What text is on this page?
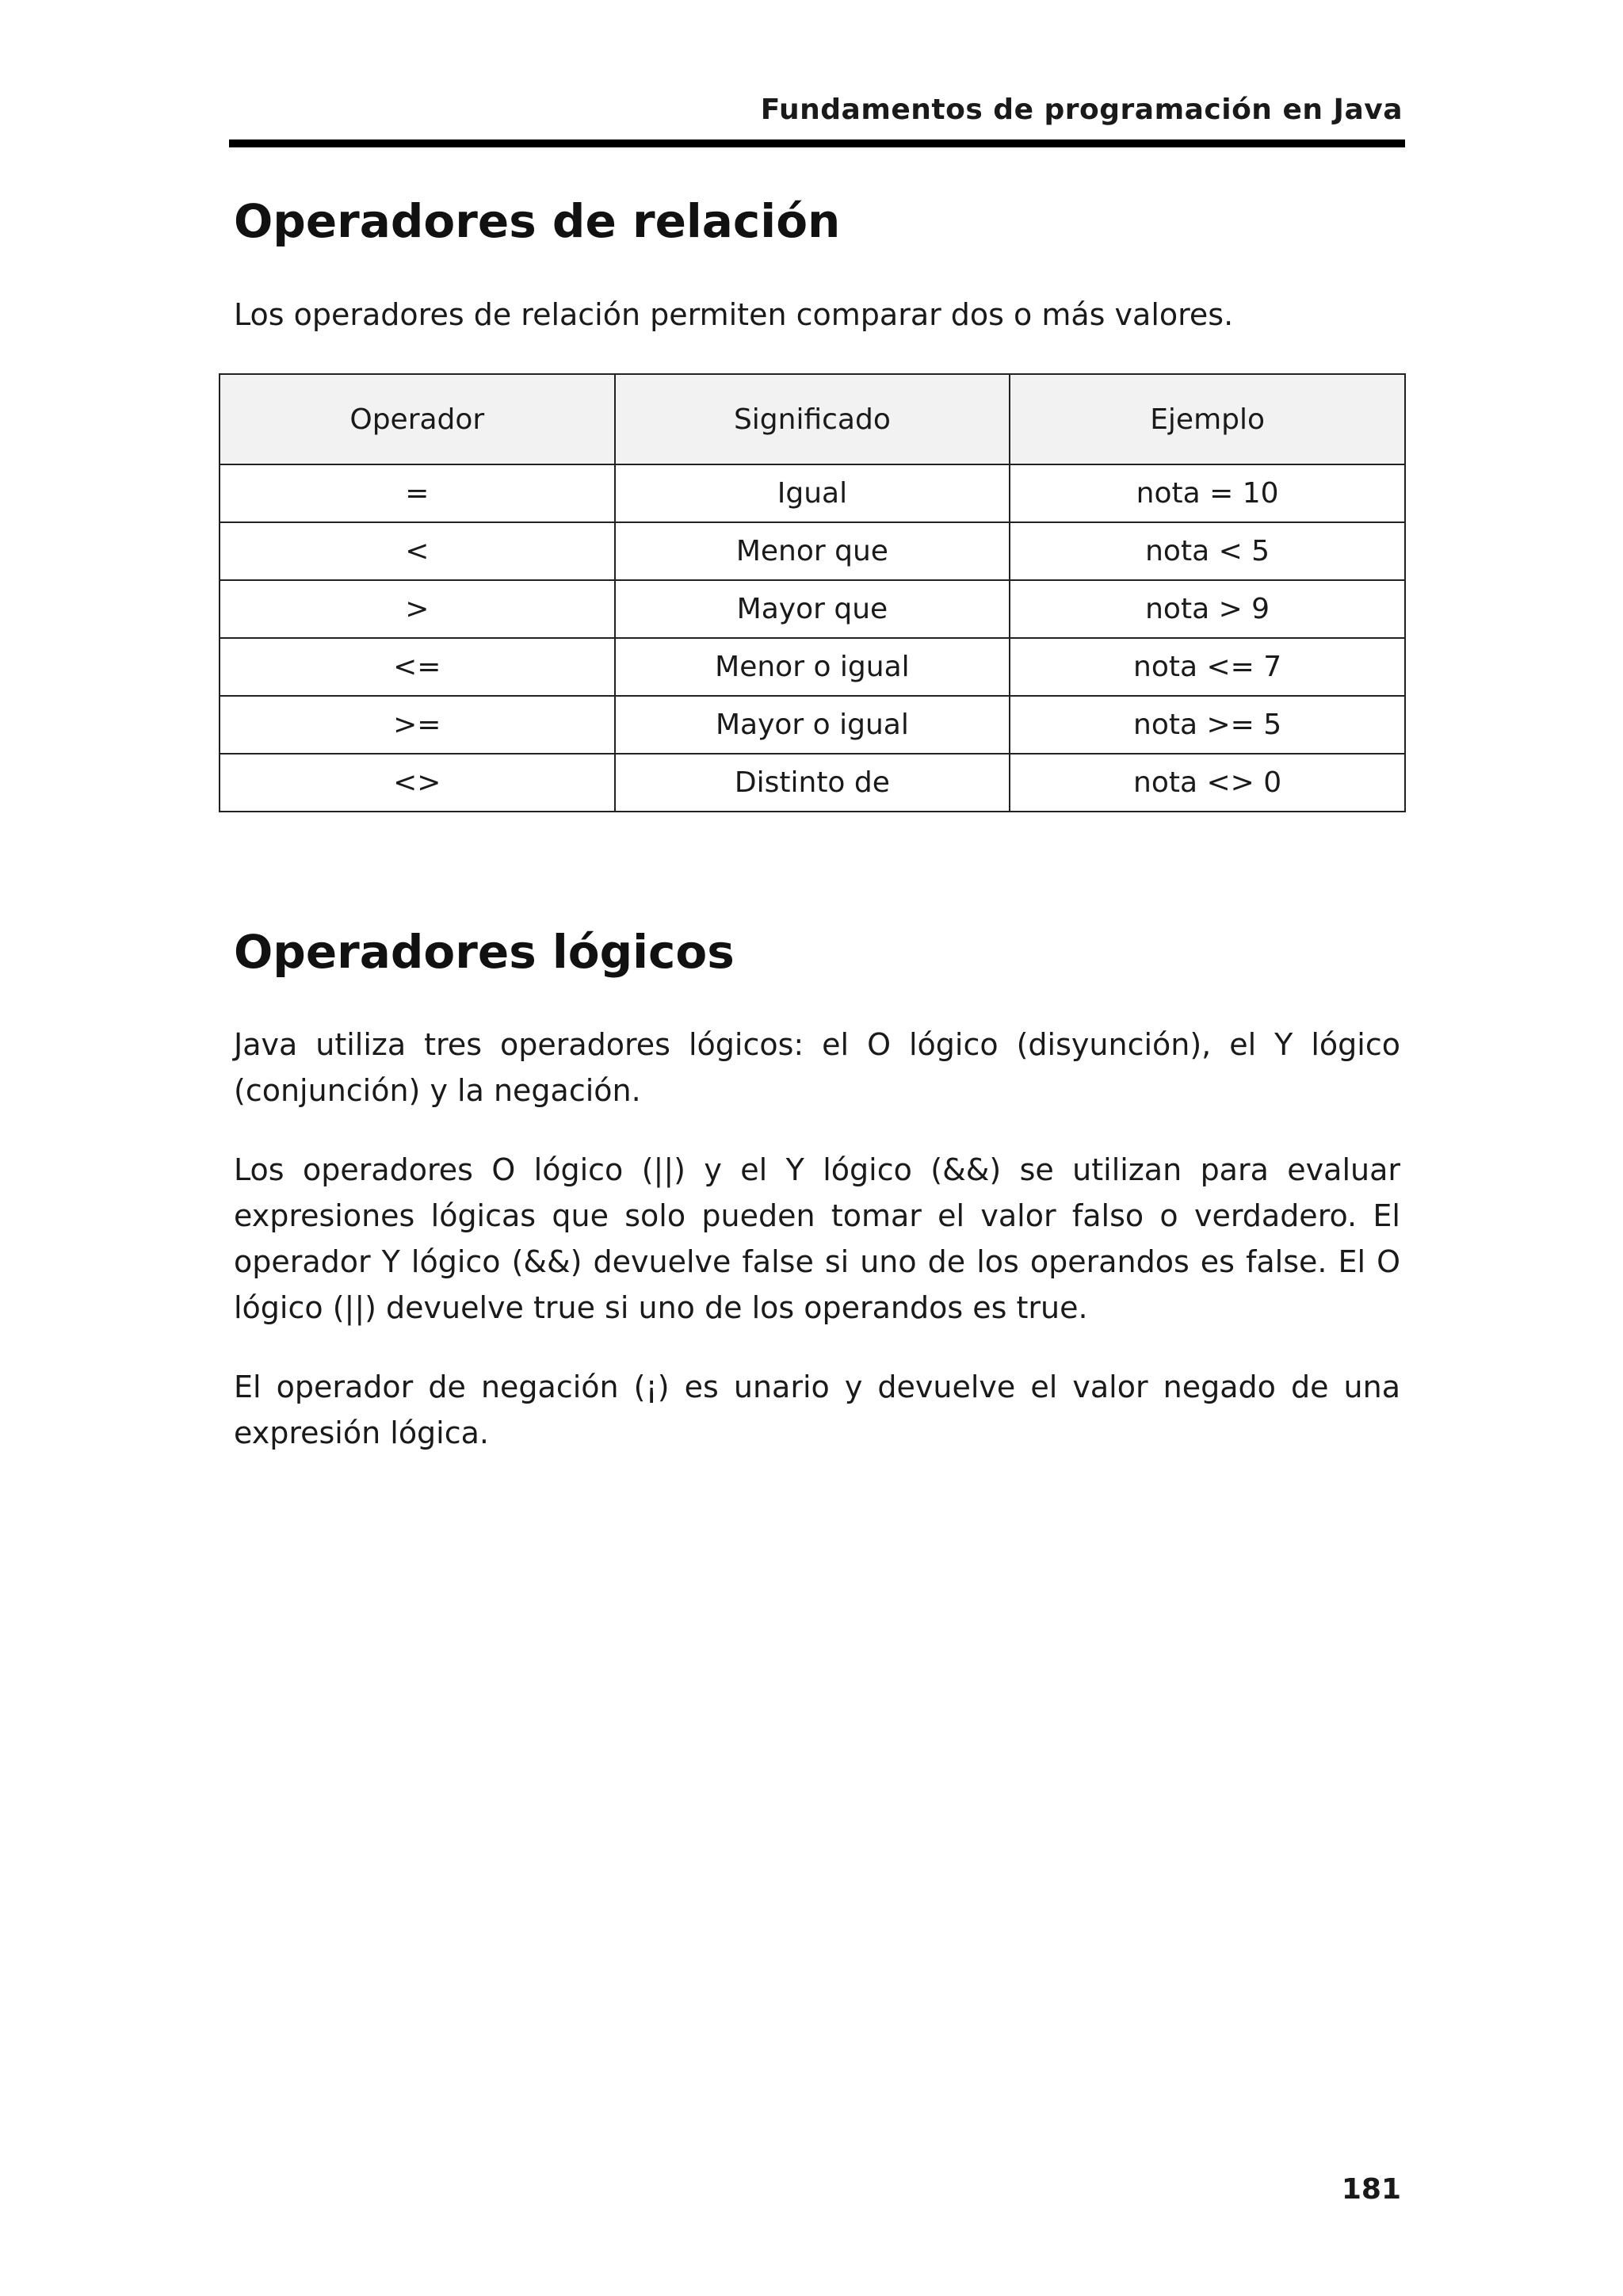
Fundamentos de programación en Java
Operadores de relación

Los operadores de relación permiten comparar dos o más valores.

Operador	Significado	Ejemplo
=	Igual	nota = 10
<	Menor que	nota < 5
>	Mayor que	nota > 9
<=	Menor o igual	nota <= 7
>=	Mayor o igual	nota >= 5
<>	Distinto de	nota <> 0
Operadores lógicos

Java utiliza tres operadores lógicos: el O lógico (disyunción), el Y lógico (conjunción) y la negación.

Los operadores O lógico (||) y el Y lógico (&&) se utilizan para evaluar expresiones lógicas que solo pueden tomar el valor falso o verdadero. El operador Y lógico (&&) devuelve false si uno de los operandos es false. El O lógico (||) devuelve true si uno de los operandos es true.

El operador de negación (¡) es unario y devuelve el valor negado de una expresión lógica.

181
